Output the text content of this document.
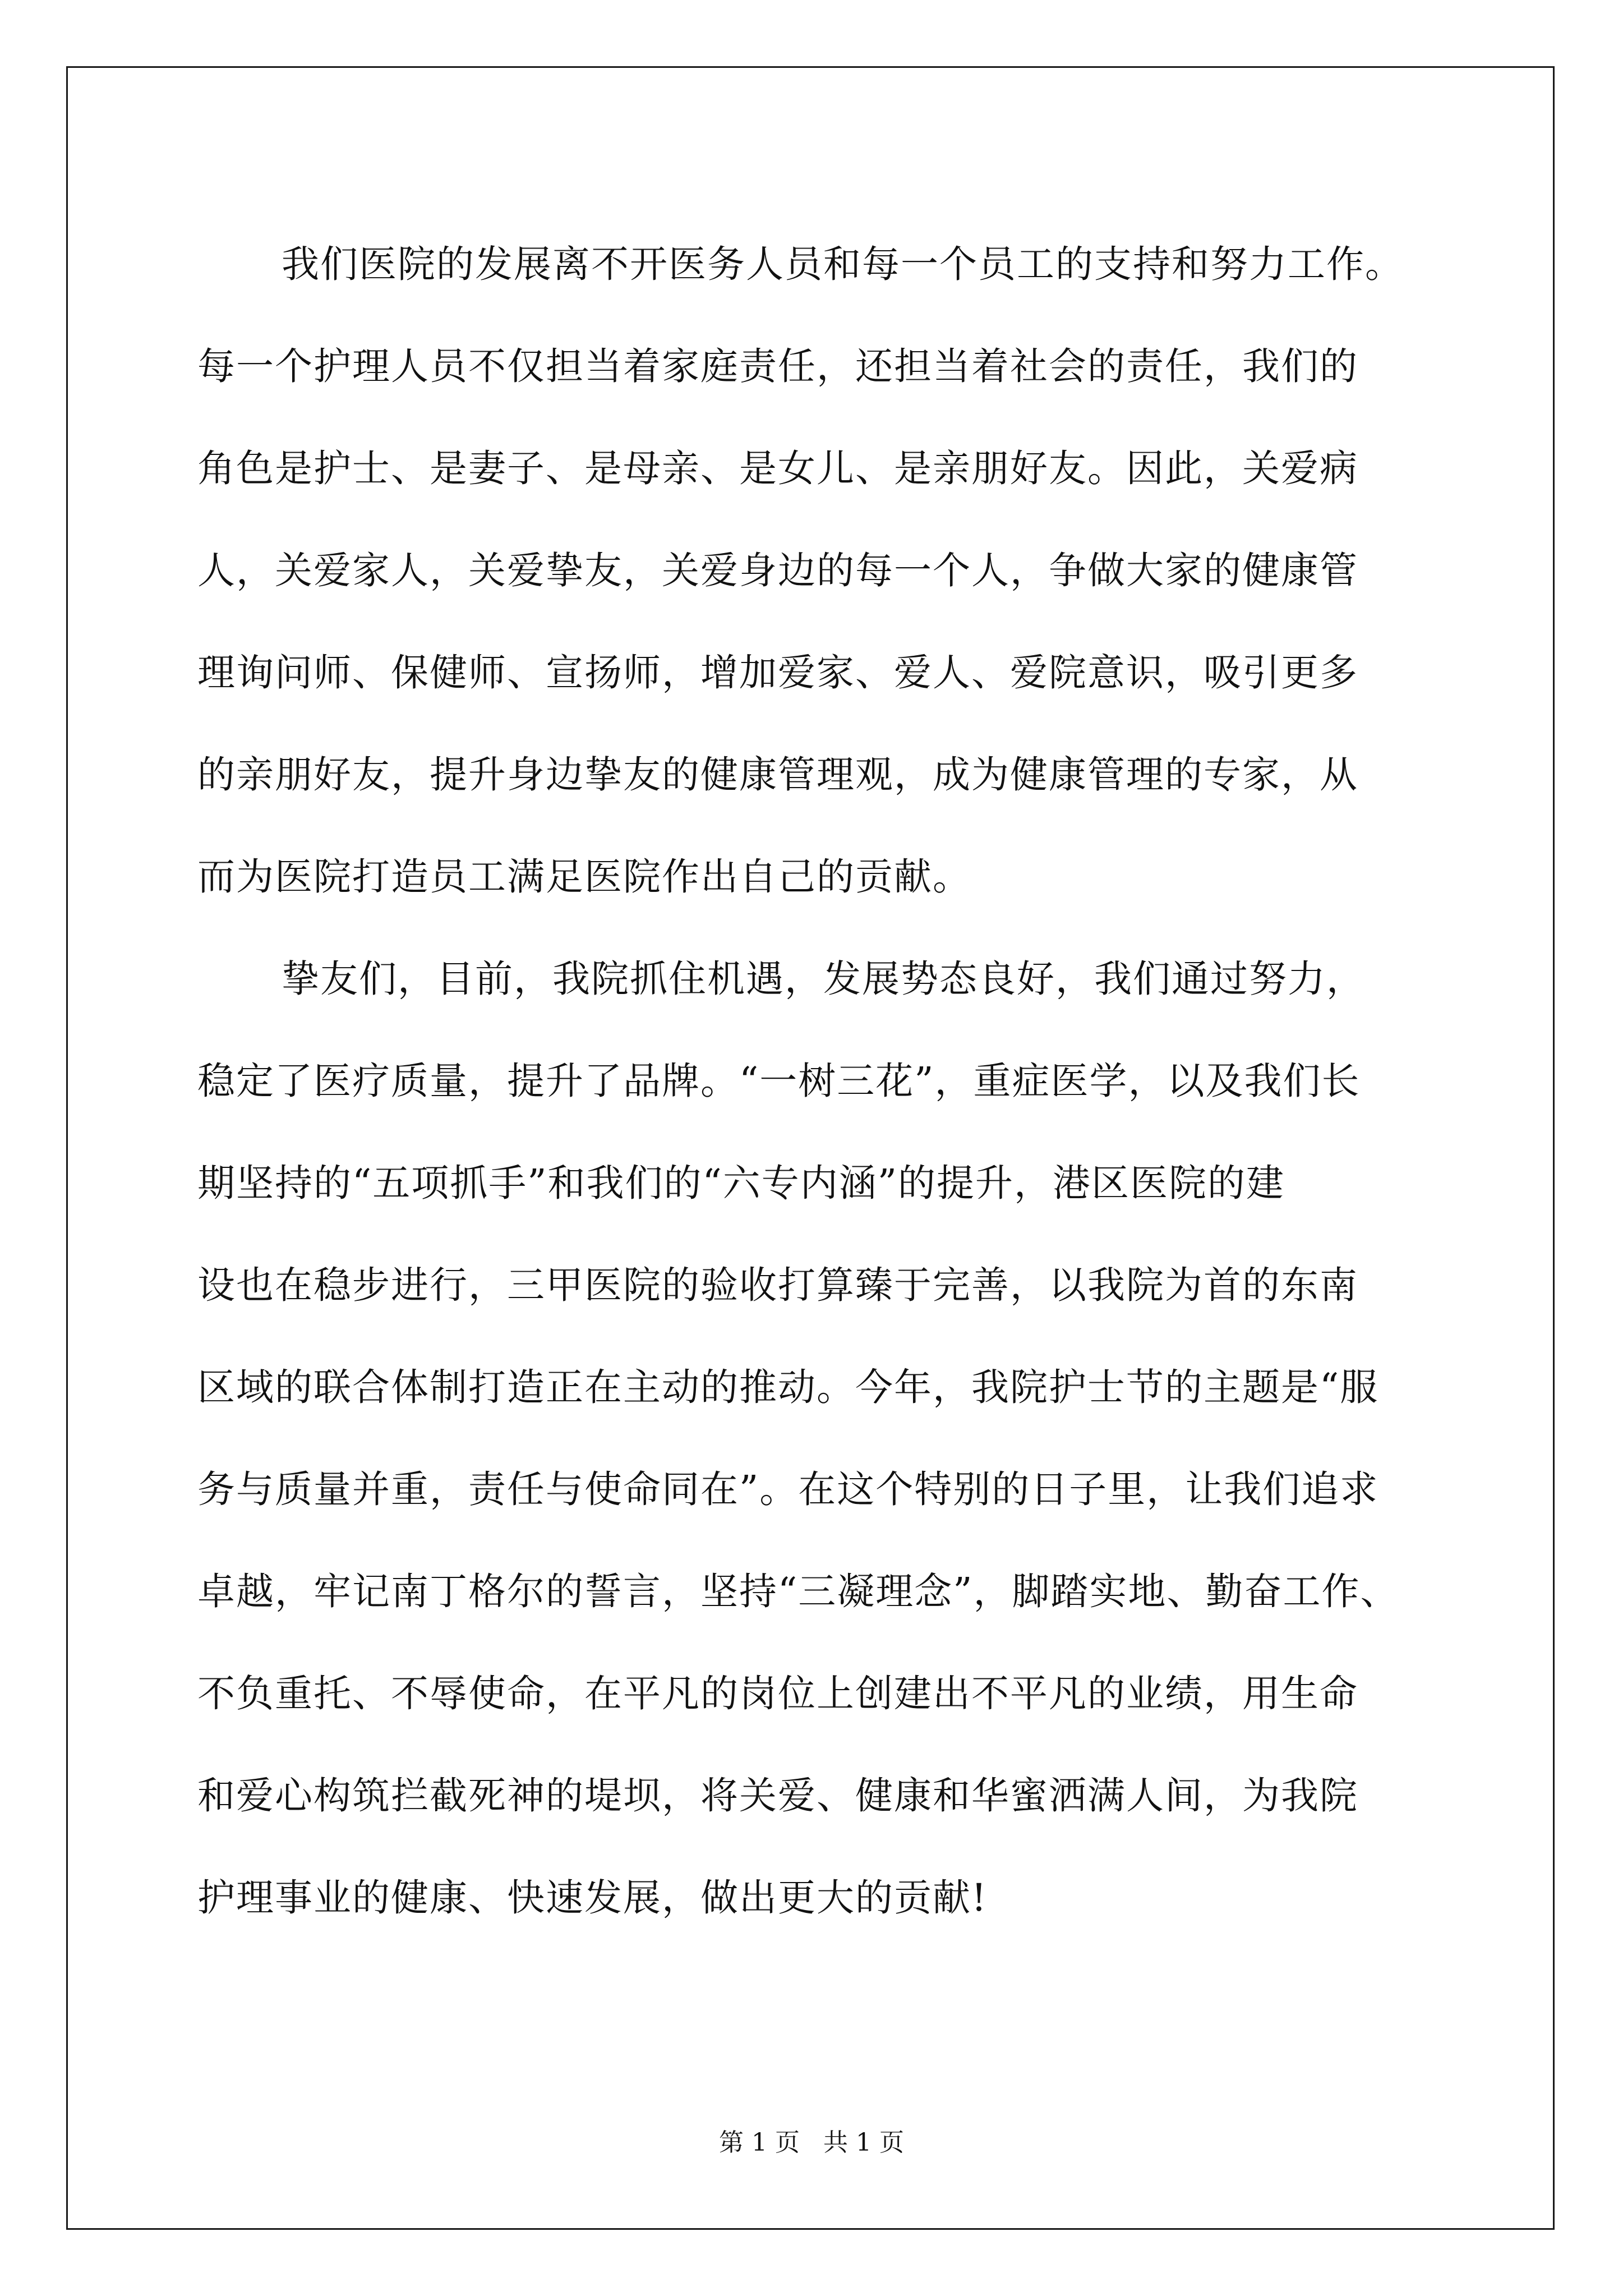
我们医院的发展离不开医务人员和每一个员工的支持和努力工作。
每一个护理人员不仅担当着家庭责任，还担当着社会的责任，我们的
角色是护士、是妻子、是母亲、是女儿、是亲朋好友。因此，关爱病
人，关爱家人，关爱挚友，关爱身边的每一个人，争做大家的健康管
理询问师、保健师、宣扬师，增加爱家、爱人、爱院意识，吸引更多
的亲朋好友，提升身边挚友的健康管理观，成为健康管理的专家，从
而为医院打造员工满足医院作出自己的贡献。
挚友们，目前，我院抓住机遇，发展势态良好，我们通过努力，
稳定了医疗质量，提升了品牌。“一树三花”，重症医学，以及我们长
期坚持的“五项抓手”和我们的“六专内涵”的提升，港区医院的建
设也在稳步进行，三甲医院的验收打算臻于完善，以我院为首的东南
区域的联合体制打造正在主动的推动。今年，我院护士节的主题是“服
务与质量并重，责任与使命同在”。在这个特别的日子里，让我们追求
卓越，牢记南丁格尔的誓言，坚持“三凝理念”，脚踏实地、勤奋工作、
不负重托、不辱使命，在平凡的岗位上创建出不平凡的业绩，用生命
和爱心构筑拦截死神的堤坝，将关爱、健康和华蜜洒满人间，为我院
护理事业的健康、快速发展，做出更大的贡献!
第 1 页   共 1 页
